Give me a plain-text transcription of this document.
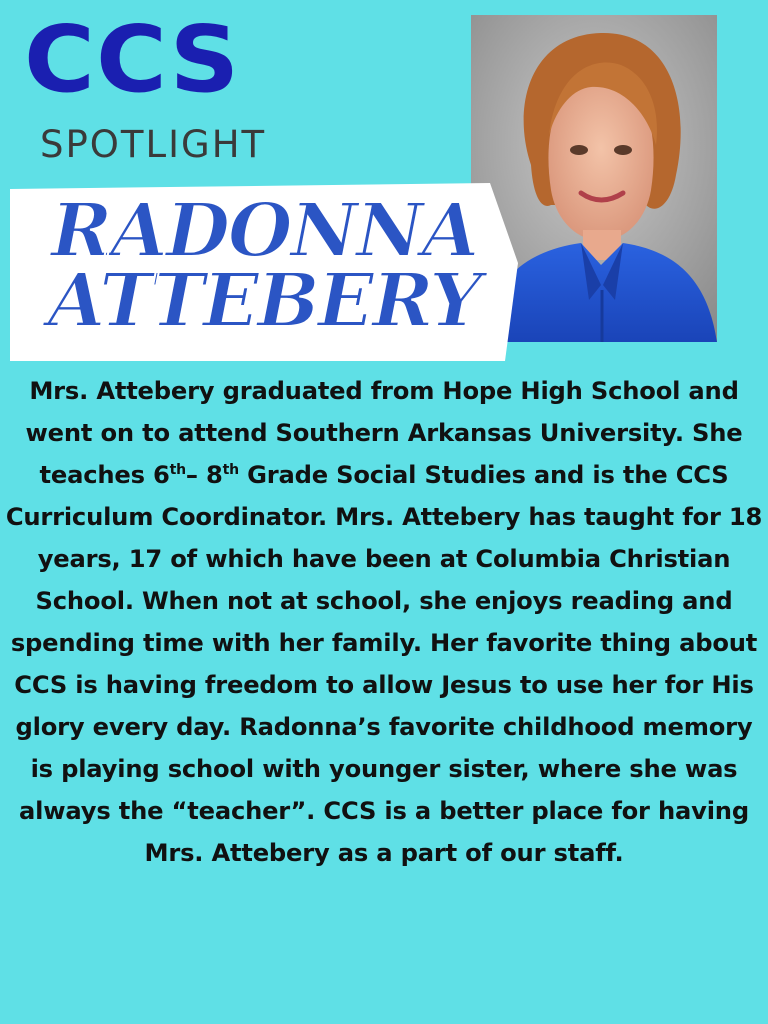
CCS
SPOTLIGHT
RADONNA
ATTEBERY

Mrs. Attebery graduated from Hope High School and went on to attend Southern Arkansas University. She teaches 6th– 8th Grade Social Studies and is the CCS Curriculum Coordinator. Mrs. Attebery has taught for 18 years, 17 of which have been at Columbia Christian School. When not at school, she enjoys reading and spending time with her family. Her favorite thing about CCS is having freedom to allow Jesus to use her for His glory every day. Radonna’s favorite childhood memory is playing school with younger sister, where she was always the “teacher”. CCS is a better place for having Mrs. Attebery as a part of our staff.
